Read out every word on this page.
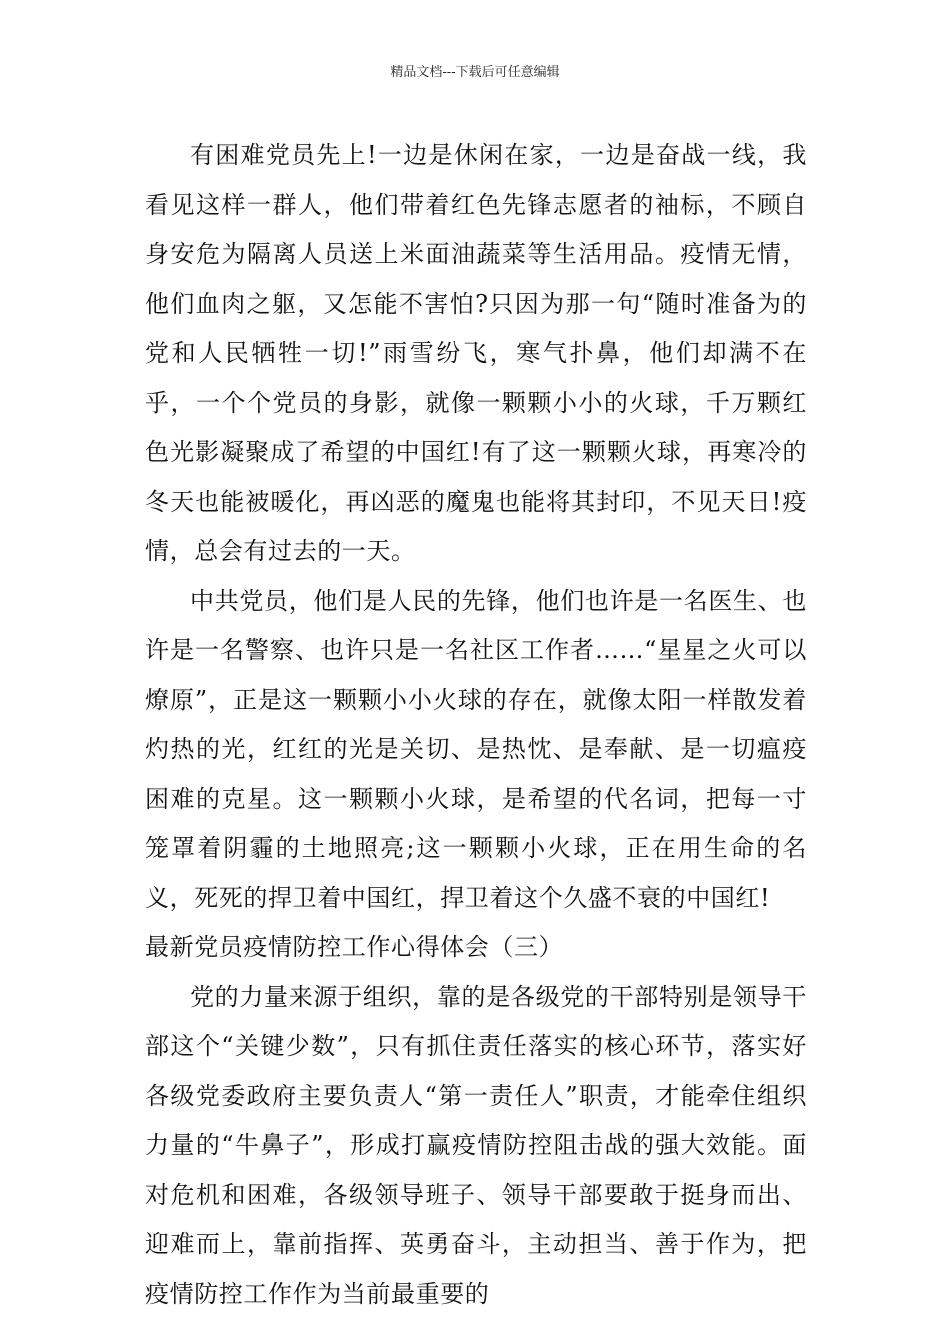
精品文档---下载后可任意编辑

有困难党员先上!一边是休闲在家，一边是奋战一线，我看见这样一群人，他们带着红色先锋志愿者的袖标，不顾自身安危为隔离人员送上米面油蔬菜等生活用品。疫情无情，他们血肉之躯，又怎能不害怕?只因为那一句“随时准备为的党和人民牺牲一切!”雨雪纷飞，寒气扑鼻，他们却满不在乎，一个个党员的身影，就像一颗颗小小的火球，千万颗红色光影凝聚成了希望的中国红!有了这一颗颗火球，再寒冷的冬天也能被暖化，再凶恶的魔鬼也能将其封印，不见天日!疫情，总会有过去的一天。

中共党员，他们是人民的先锋，他们也许是一名医生、也许是一名警察、也许只是一名社区工作者……“星星之火可以燎原”，正是这一颗颗小小火球的存在，就像太阳一样散发着灼热的光，红红的光是关切、是热忱、是奉献、是一切瘟疫困难的克星。这一颗颗小火球，是希望的代名词，把每一寸笼罩着阴霾的土地照亮;这一颗颗小火球，正在用生命的名义，死死的捍卫着中国红，捍卫着这个久盛不衰的中国红!

最新党员疫情防控工作心得体会（三）

党的力量来源于组织，靠的是各级党的干部特别是领导干部这个“关键少数”，只有抓住责任落实的核心环节，落实好各级党委政府主要负责人“第一责任人”职责，才能牵住组织力量的“牛鼻子”，形成打赢疫情防控阻击战的强大效能。面对危机和困难，各级领导班子、领导干部要敢于挺身而出、迎难而上，靠前指挥、英勇奋斗，主动担当、善于作为，把疫情防控工作作为当前最重要的
